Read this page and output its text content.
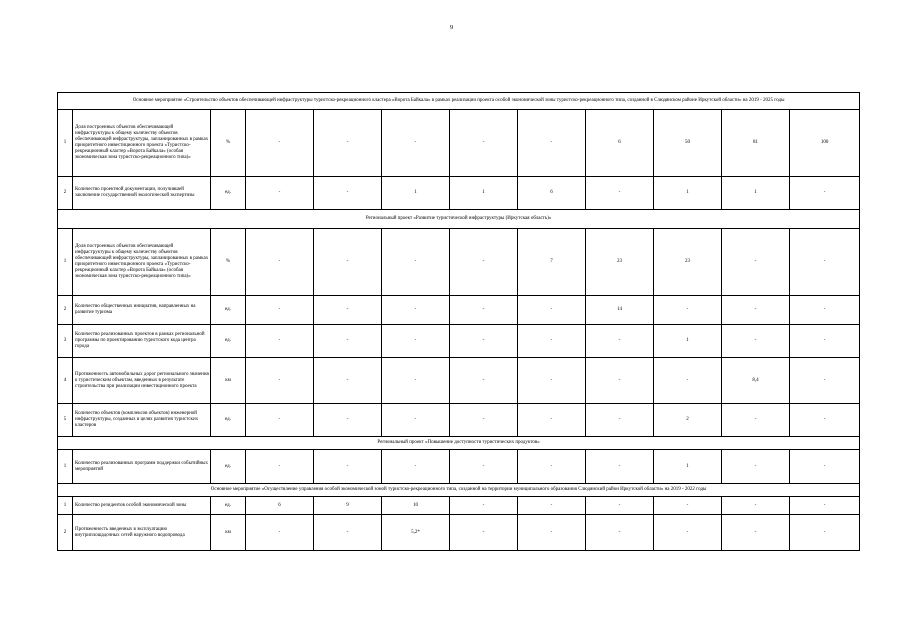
9
Основное мероприятие «Строительство объектов обеспечивающей инфраструктуры туристско-рекреационного кластера «Ворота Байкала» в рамках реализации проекта особой экономической зоны туристско-рекреационного типа, созданной в Слюдянском районе Иркутской области» на 2019 - 2025 годы											
1	Доля построенных объектов обеспечивающей инфраструктуры к общему количеству объектов обеспечивающей инфраструктуры, запланированных в рамках приоритетного инвестиционного проекта «Туристско-рекреационный кластер «Ворота Байкала» (особая экономическая зона туристско-рекреационного типа)»	%	-	-	-	-	-	6	50	81	100
2	Количество проектной документации, получившей заключение государственной экологической экспертизы	ед.	-	-	1	1	6	-	1	1	-
Региональный проект «Развитие туристической инфраструктуры (Иркутская область)»											
1	Доля построенных объектов обеспечивающей инфраструктуры к общему количеству объектов обеспечивающей инфраструктуры, запланированных в рамках приоритетного инвестиционного проекта «Туристско-рекреационный кластер «Ворота Байкала» (особая экономическая зона туристско-рекреационного типа)»	%	-	-	-	-	7	23	23	-	-
2	Количество общественных инициатив, направленных на развитие туризма	ед.	-	-	-	-	-	14	-	-	-
3	Количество реализованных проектов в рамках региональной программы по проектированию туристского кода центра города	ед.	-	-	-	-	-	-	1	-	-
4	Протяженность автомобильных дорог регионального значения к туристическим объектам, введенных в результате строительства при реализации инвестиционного проекта	км	-	-	-	-	-	-	-	8,4	-
5	Количество объектов (комплексов объектов) инженерной инфраструктуры, созданных в целях развития туристских кластеров	ед.	-	-	-	-	-	-	2	-	-
Региональный проект «Повышение доступности туристических продуктов»											
1	Количество реализованных программ поддержки событийных мероприятий	ед.	-	-	-	-	-	-	1	-	-
Основное мероприятие «Осуществление управления особой экономической зоной туристско-рекреационного типа, созданной на территории муниципального образования Слюдянский район Иркутской области» на 2019 - 2022 годы											
1	Количество резидентов особой экономической зоны	ед.	6	9	10	-	-	-	-	-	-
2	Протяженность введенных в эксплуатацию внутриплощадочных сетей наружного водопровода	км	-	-	5,2*	-	-	-	-	-	-
